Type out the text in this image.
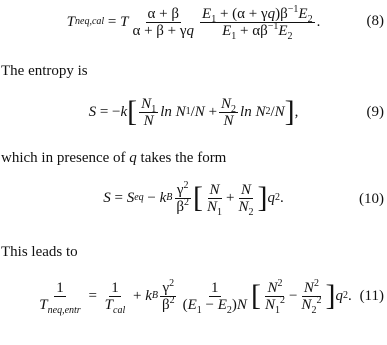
T neq,cal = T $\frac{\alpha + \beta}{\alpha + \beta + \gamma q} \frac{E_1 + (\alpha + \gamma q)\beta^{-1}E_2}{E_1 + \alpha\beta^{-1}E_2}$ .	(8)
The entropy is
S = − k [ $\frac{N_1}{N}$ ln
N $1 / N + \frac{N_2}{N}$ ln
N 2 / N ] ,	(9)
which in presence of q takes the form
S = S eq − k B $\frac{\gamma^2}{\beta^2}$ [ $\frac{N}{N_1} + \frac{N}{N_2}$ ] q 2 .	(10)
This leads to
$\frac{1}{T_{neq,entr}} = \frac{1}{T_{cal}} + k$ B $\frac{\gamma^2}{\beta^2} \frac{1}{(E_1 - E_2)N}$ [ $\frac{N^2}{N_1^2} - \frac{N^2}{N_2^2}$ ] q 2 . (11)
